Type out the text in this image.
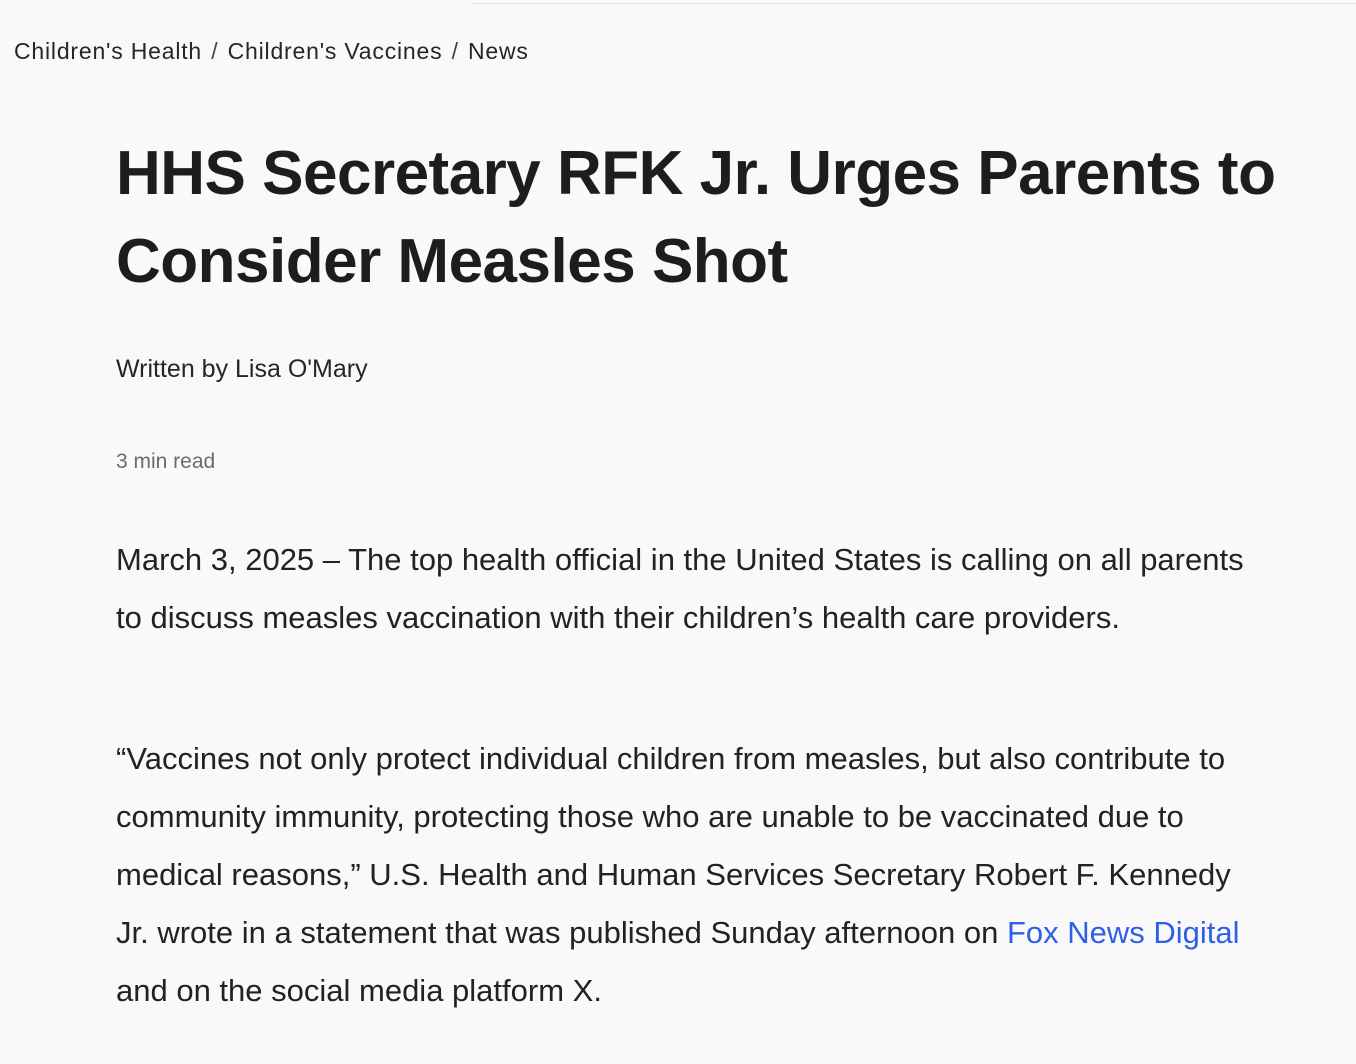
Children's Health / Children's Vaccines / News
HHS Secretary RFK Jr. Urges Parents to Consider Measles Shot
Written by Lisa O'Mary
3 min read

March 3, 2025 – The top health official in the United States is calling on all parents to discuss measles vaccination with their children’s health care providers.

“Vaccines not only protect individual children from measles, but also contribute to community immunity, protecting those who are unable to be vaccinated due to medical reasons,” U.S. Health and Human Services Secretary Robert F. Kennedy Jr. wrote in a statement that was published Sunday afternoon on Fox News Digital and on the social media platform X.
